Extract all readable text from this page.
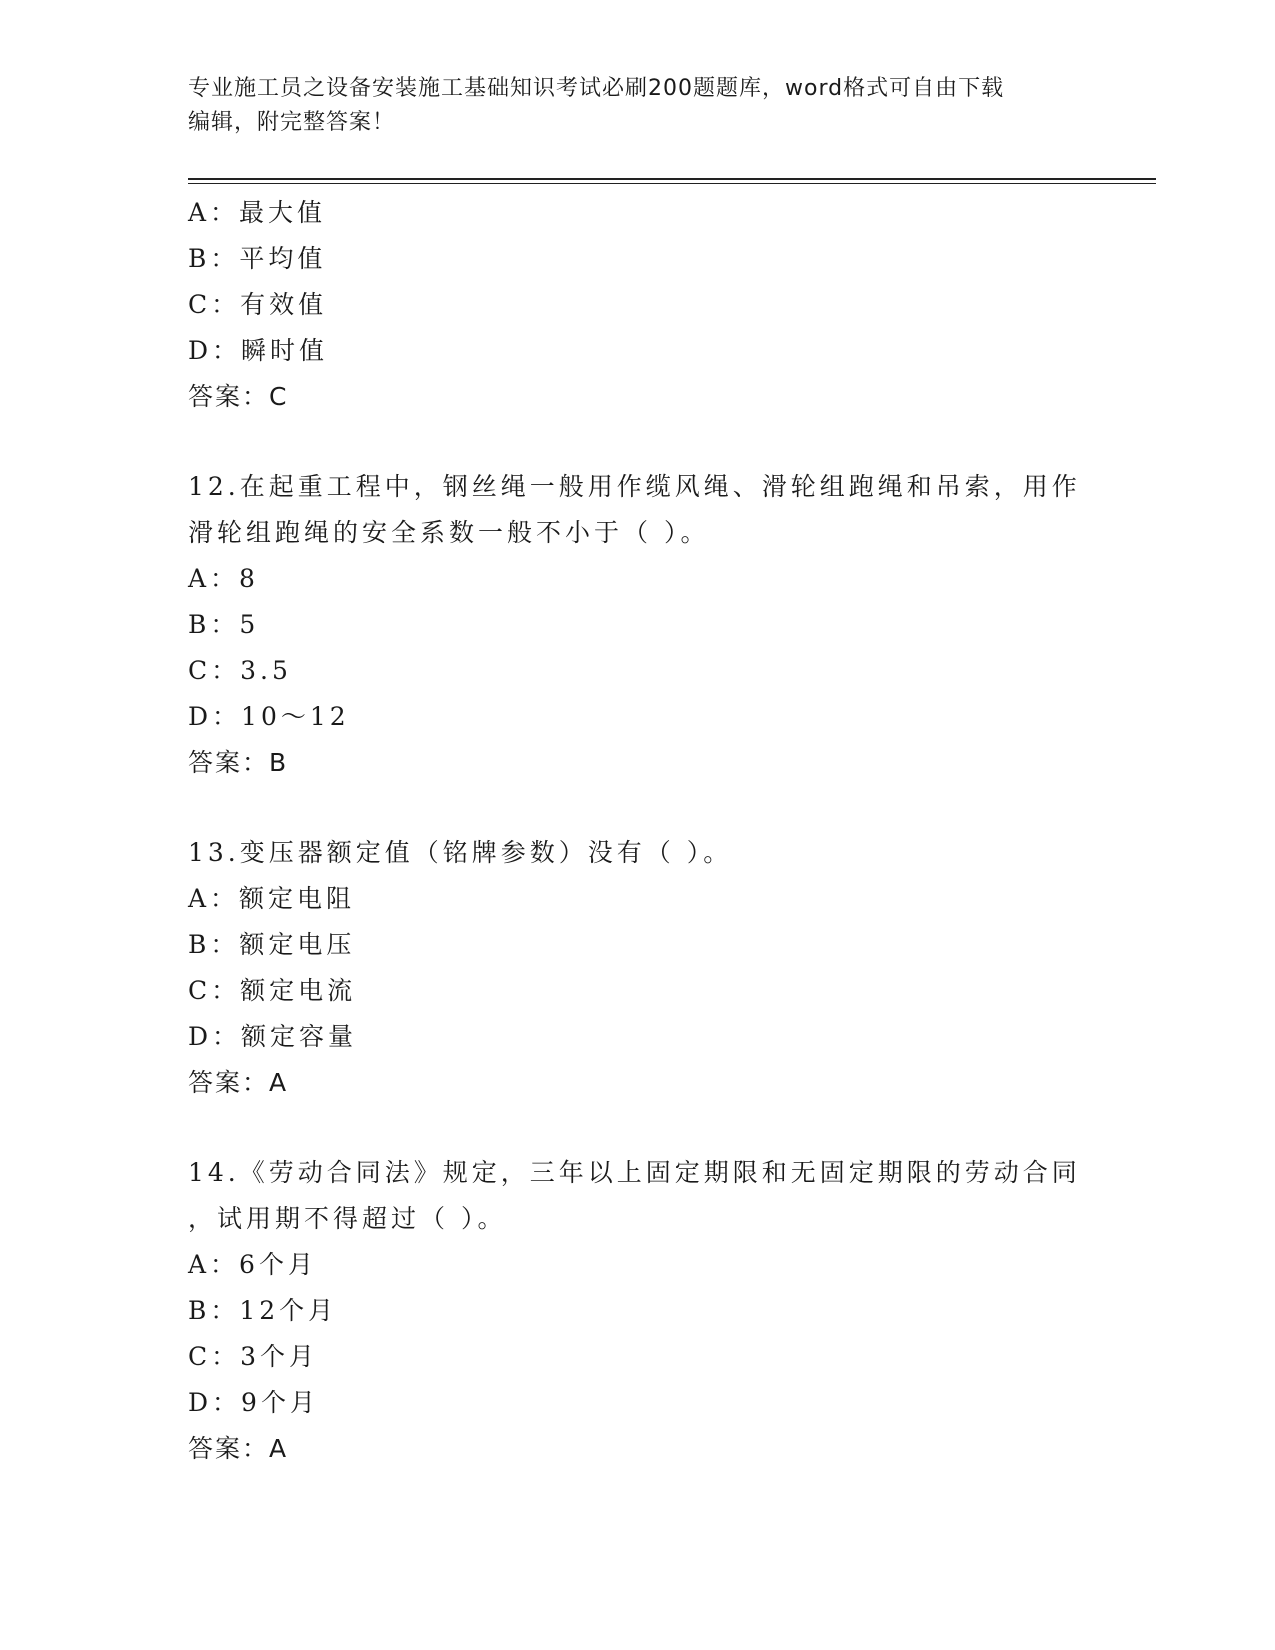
专业施工员之设备安装施工基础知识考试必刷200题题库，word格式可自由下载
编辑，附完整答案！
A：最大值
B：平均值
C：有效值
D：瞬时值
答案：C
12.在起重工程中，钢丝绳一般用作缆风绳、滑轮组跑绳和吊索，用作
滑轮组跑绳的安全系数一般不小于（ ）。
A：8
B：5
C：3.5
D：10～12
答案：B
13.变压器额定值（铭牌参数）没有（ ）。
A：额定电阻
B：额定电压
C：额定电流
D：额定容量
答案：A
14.《劳动合同法》规定，三年以上固定期限和无固定期限的劳动合同
，试用期不得超过（ ）。
A：6个月
B：12个月
C：3个月
D：9个月
答案：A
